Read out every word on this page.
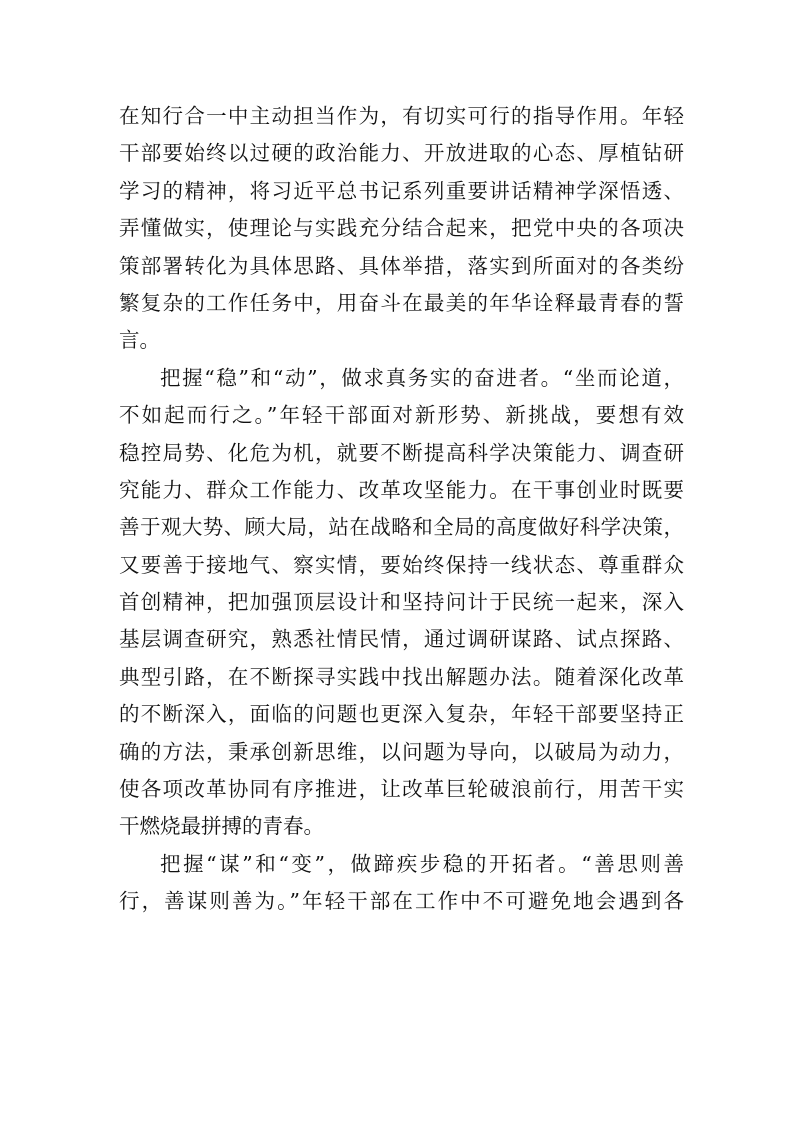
在知行合一中主动担当作为，有切实可行的指导作用。年轻
干部要始终以过硬的政治能力、开放进取的心态、厚植钻研
学习的精神，将习近平总书记系列重要讲话精神学深悟透、
弄懂做实，使理论与实践充分结合起来，把党中央的各项决
策部署转化为具体思路、具体举措，落实到所面对的各类纷
繁复杂的工作任务中，用奋斗在最美的年华诠释最青春的誓
言。
把握“稳”和“动”，做求真务实的奋进者。“坐而论道，
不如起而行之。”年轻干部面对新形势、新挑战，要想有效
稳控局势、化危为机，就要不断提高科学决策能力、调查研
究能力、群众工作能力、改革攻坚能力。在干事创业时既要
善于观大势、顾大局，站在战略和全局的高度做好科学决策，
又要善于接地气、察实情，要始终保持一线状态、尊重群众
首创精神，把加强顶层设计和坚持问计于民统一起来，深入
基层调查研究，熟悉社情民情，通过调研谋路、试点探路、
典型引路，在不断探寻实践中找出解题办法。随着深化改革
的不断深入，面临的问题也更深入复杂，年轻干部要坚持正
确的方法，秉承创新思维，以问题为导向，以破局为动力，
使各项改革协同有序推进，让改革巨轮破浪前行，用苦干实
干燃烧最拼搏的青春。
把握“谋”和“变”，做蹄疾步稳的开拓者。“善思则善
行，善谋则善为。”年轻干部在工作中不可避免地会遇到各
